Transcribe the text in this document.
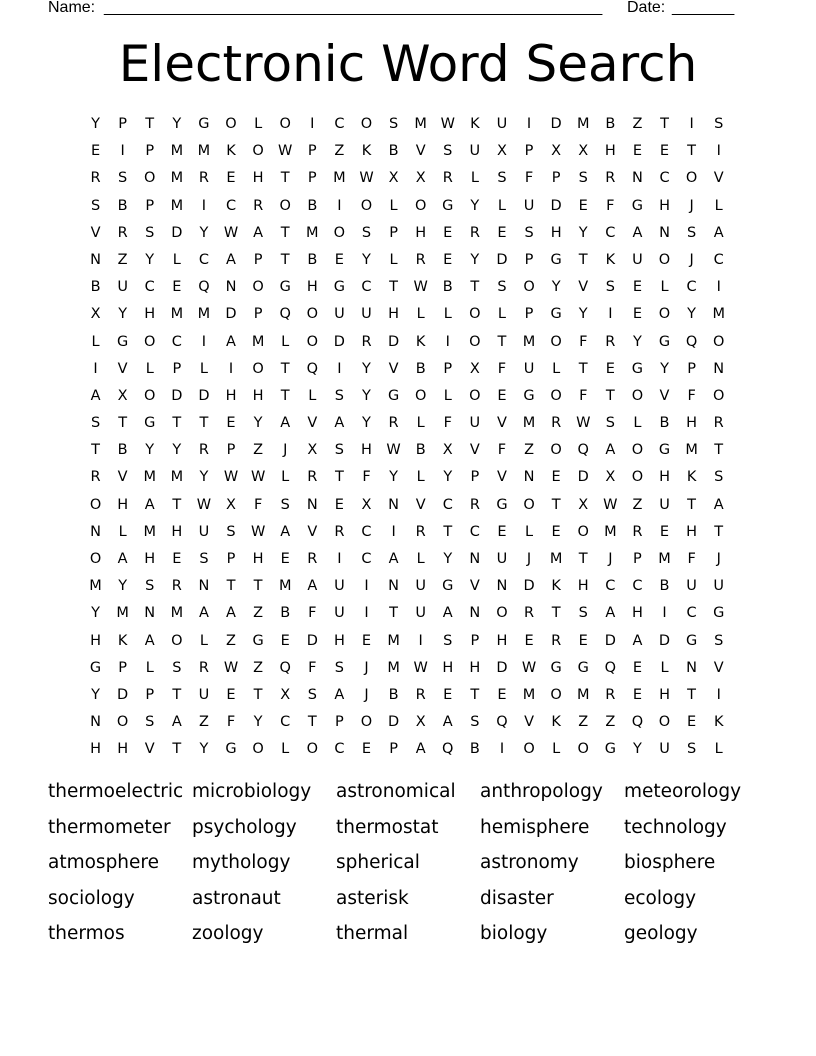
Name: ________________________________________________________	Date: _______
Electronic Word Search
Y	P	T	Y	G	O	L	O	I	C	O	S	M W	K	U	I	D	M	B	Z	T	I	S
E	I	P	M	M	K	O W	P	Z	K	B	V	S	U	X	P	X	X	H	E	E	T	I
R	S	O	M	R	E	H	T	P	M W	X	X	R	L	S	F	P	S	R	N	C	O	V
S	B	P	M	I	C	R	O	B	I	O	L	O	G	Y	L	U	D	E	F	G	H	J	L
V	R	S	D	Y	W	A	T	M	O	S	P	H	E	R	E	S	H	Y	C	A	N	S	A
N	Z	Y	L	C	A	P	T	B	E	Y	L	R	E	Y	D	P	G	T	K	U	O	J	C
B	U	C	E	Q	N	O	G	H	G	C	T	W	B	T	S	O	Y	V	S	E	L	C	I
X	Y	H	M	M	D	P	Q	O	U	U	H	L	L	O	L	P	G	Y	I	E	O	Y	M
L	G	O	C	I	A	M	L	O	D	R	D	K	I	O	T	M	O	F	R	Y	G	Q	O
I	V	L	P	L	I	O	T	Q	I	Y	V	B	P	X	F	U	L	T	E	G	Y	P	N
A	X	O	D	D	H	H	T	L	S	Y	G	O	L	O	E	G	O	F	T	O	V	F	O
S	T	G	T	T	E	Y	A	V	A	Y	R	L	F	U	V	M	R	W	S	L	B	H	R
T	B	Y	Y	R	P	Z	J	X	S	H W	B	X	V	F	Z	O	Q	A	O	G	M	T
R	V	M	M	Y	W W	L	R	T	F	Y	L	Y	P	V	N	E	D	X	O	H	K	S
O	H	A	T	W	X	F	S	N	E	X	N	V	C	R	G	O	T	X	W	Z	U	T	A
N	L	M	H	U	S	W	A	V	R	C	I	R	T	C	E	L	E	O	M	R	E	H	T
O	A	H	E	S	P	H	E	R	I	C	A	L	Y	N	U	J	M	T	J	P	M	F	J
M	Y	S	R	N	T	T	M	A	U	I	N	U	G	V	N	D	K	H	C	C	B	U	U
Y	M	N	M	A	A	Z	B	F	U	I	T	U	A	N	O	R	T	S	A	H	I	C	G
H	K	A	O	L	Z	G	E	D	H	E	M	I	S	P	H	E	R	E	D	A	D	G	S
G	P	L	S	R	W	Z	Q	F	S	J	M W H	H	D W G	G	Q	E	L	N	V
Y	D	P	T	U	E	T	X	S	A	J	B	R	E	T	E	M	O	M	R	E	H	T	I
N	O	S	A	Z	F	Y	C	T	P	O	D	X	A	S	Q	V	K	Z	Z	Q	O	E	K
H	H	V	T	Y	G	O	L	O	C	E	P	A	Q	B	I	O	L	O	G	Y	U	S	L
thermoelectric microbiology	astronomical	anthropology	meteorology
thermometer	psychology	thermostat	hemisphere	technology
atmosphere	mythology	spherical	astronomy	biosphere
sociology	astronaut	asterisk	disaster	ecology
thermos	zoology	thermal	biology	geology
